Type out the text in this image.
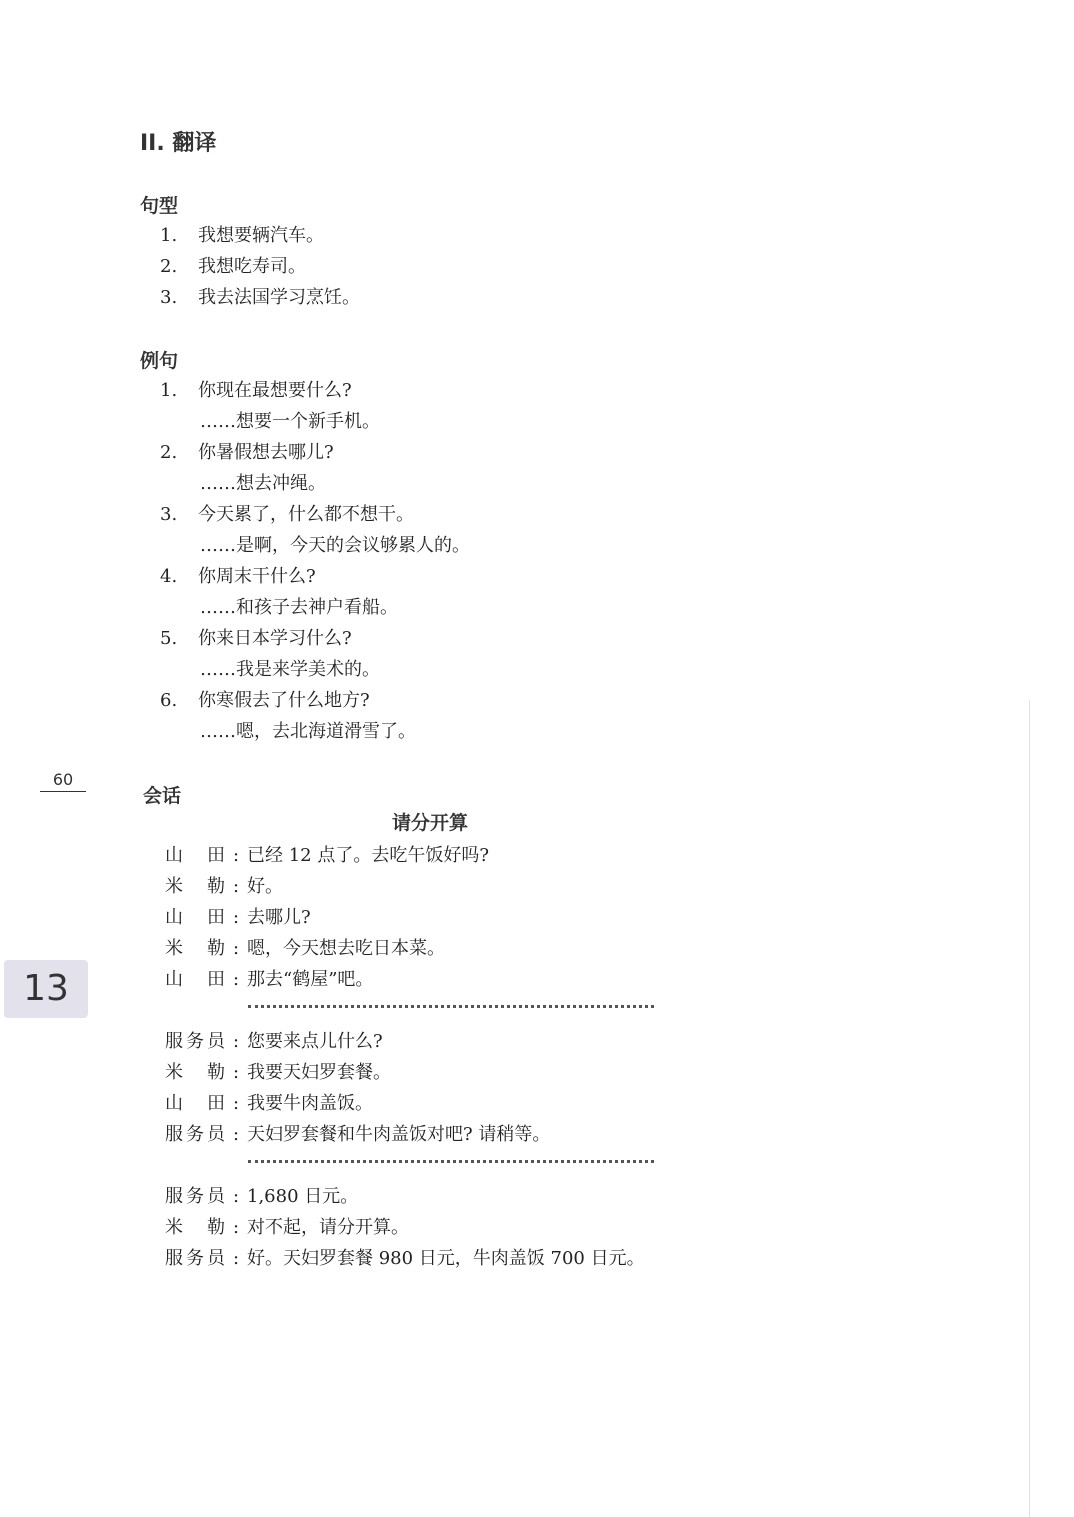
II. 翻译
句型
1. 我想要辆汽车。
2. 我想吃寿司。
3. 我去法国学习烹饪。
例句
1. 你现在最想要什么?
……想要一个新手机。
2. 你暑假想去哪儿?
……想去冲绳。
3. 今天累了，什么都不想干。
……是啊，今天的会议够累人的。
4. 你周末干什么?
……和孩子去神户看船。
5. 你来日本学习什么?
……我是来学美术的。
6. 你寒假去了什么地方?
……嗯，去北海道滑雪了。
60
13
会话
请分开算
山田 : 已经 12 点了。去吃午饭好吗?
米勒 : 好。
山田 : 去哪儿?
米勒 : 嗯，今天想去吃日本菜。
山田 : 那去“鹤屋”吧。
服务员 : 您要来点儿什么?
米勒 : 我要天妇罗套餐。
山田 : 我要牛肉盖饭。
服务员 : 天妇罗套餐和牛肉盖饭对吧? 请稍等。
服务员 : 1,680 日元。
米勒 : 对不起，请分开算。
服务员 : 好。天妇罗套餐 980 日元，牛肉盖饭 700 日元。
